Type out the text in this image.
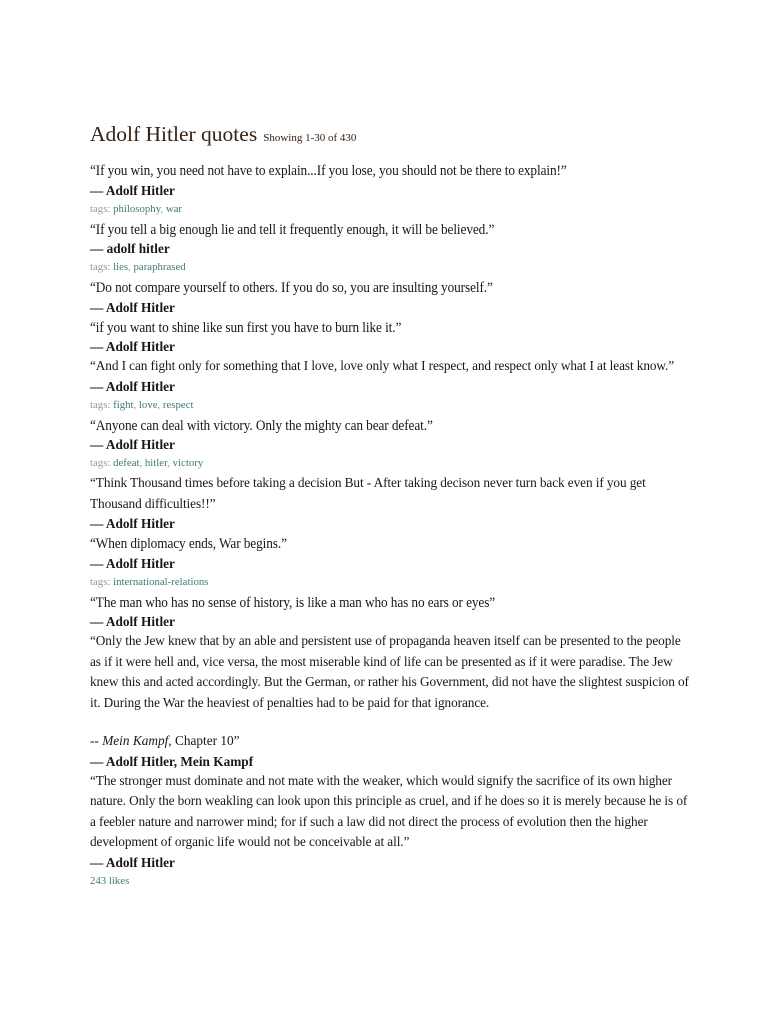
Adolf Hitler quotes Showing 1-30 of 430

“If you win, you need not have to explain...If you lose, you should not be there to explain!”

— Adolf Hitler
tags: philosophy, war

“If you tell a big enough lie and tell it frequently enough, it will be believed.”

— adolf hitler
tags: lies, paraphrased

“Do not compare yourself to others. If you do so, you are insulting yourself.”

— Adolf Hitler

“if you want to shine like sun first you have to burn like it.”

— Adolf Hitler

“And I can fight only for something that I love, love only what I respect, and respect only what I at least know.”

— Adolf Hitler
tags: fight, love, respect

“Anyone can deal with victory. Only the mighty can bear defeat.”

— Adolf Hitler
tags: defeat, hitler, victory

“Think Thousand times before taking a decision But - After taking decison never turn back even if you get Thousand difficulties!!”

— Adolf Hitler

“When diplomacy ends, War begins.”

— Adolf Hitler
tags: international-relations

“The man who has no sense of history, is like a man who has no ears or eyes”

— Adolf Hitler

“Only the Jew knew that by an able and persistent use of propaganda heaven itself can be presented to the people as if it were hell and, vice versa, the most miserable kind of life can be presented as if it were paradise. The Jew knew this and acted accordingly. But the German, or rather his Government, did not have the slightest suspicion of it. During the War the heaviest of penalties had to be paid for that ignorance.

-- Mein Kampf, Chapter 10”
— Adolf Hitler, Mein Kampf

“The stronger must dominate and not mate with the weaker, which would signify the sacrifice of its own higher nature. Only the born weakling can look upon this principle as cruel, and if he does so it is merely because he is of a feebler nature and narrower mind; for if such a law did not direct the process of evolution then the higher development of organic life would not be conceivable at all.”

— Adolf Hitler
243 likes
